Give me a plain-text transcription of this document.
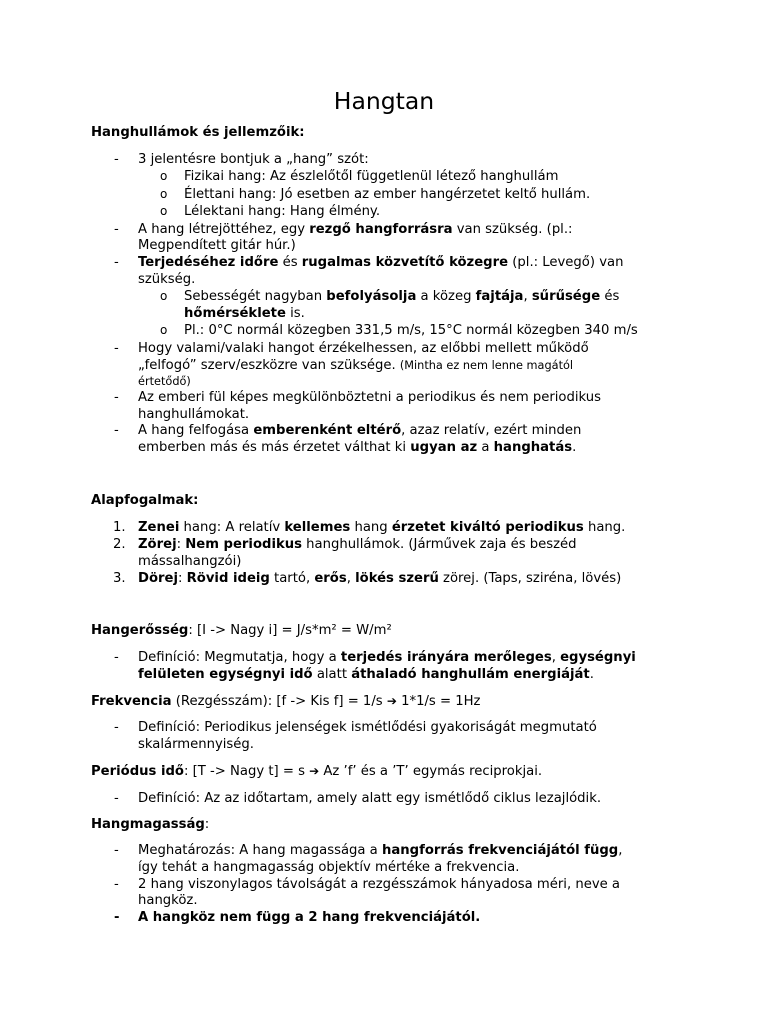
Hangtan
Hanghullámok és jellemzőik:
- 3 jelentésre bontjuk a „hang” szót:
o Fizikai hang: Az észlelőtől függetlenül létező hanghullám
o Élettani hang: Jó esetben az ember hangérzetet keltő hullám.
o Lélektani hang: Hang élmény.
- A hang létrejöttéhez, egy rezgő hangforrásra van szükség. (pl.:
Megpendített gitár húr.)
- Terjedéséhez időre és rugalmas közvetítő közegre (pl.: Levegő) van
szükség.
o Sebességét nagyban befolyásolja a közeg fajtája, sűrűsége és
hőmérséklete is.
o Pl.: 0°C normál közegben 331,5 m/s, 15°C normál közegben 340 m/s
- Hogy valami/valaki hangot érzékelhessen, az előbbi mellett működő
„felfogó” szerv/eszközre van szüksége. (Mintha ez nem lenne magától
értetődő)
- Az emberi fül képes megkülönböztetni a periodikus és nem periodikus
hanghullámokat.
- A hang felfogása emberenként eltérő, azaz relatív, ezért minden
emberben más és más érzetet válthat ki ugyan az a hanghatás.
Alapfogalmak:
1. Zenei hang: A relatív kellemes hang érzetet kiváltó periodikus hang.
2. Zörej: Nem periodikus hanghullámok. (Járművek zaja és beszéd
mássalhangzói)
3. Dörej: Rövid ideig tartó, erős, lökés szerű zörej. (Taps, sziréna, lövés)
Hangerősség: [I -> Nagy i] = J/s*m² = W/m²
- Definíció: Megmutatja, hogy a terjedés irányára merőleges, egységnyi
felületen egységnyi idő alatt áthaladó hanghullám energiáját.
Frekvencia (Rezgésszám): [f -> Kis f] = 1/s ➔ 1*1/s = 1Hz
- Definíció: Periodikus jelenségek ismétlődési gyakoriságát megmutató
skalármennyiség.
Periódus idő: [T -> Nagy t] = s ➔ Az ’f’ és a ’T’ egymás reciprokjai.
- Definíció: Az az időtartam, amely alatt egy ismétlődő ciklus lezajlódik.
Hangmagasság:
- Meghatározás: A hang magassága a hangforrás frekvenciájától függ,
így tehát a hangmagasság objektív mértéke a frekvencia.
- 2 hang viszonylagos távolságát a rezgésszámok hányadosa méri, neve a
hangköz.
- A hangköz nem függ a 2 hang frekvenciájától.
